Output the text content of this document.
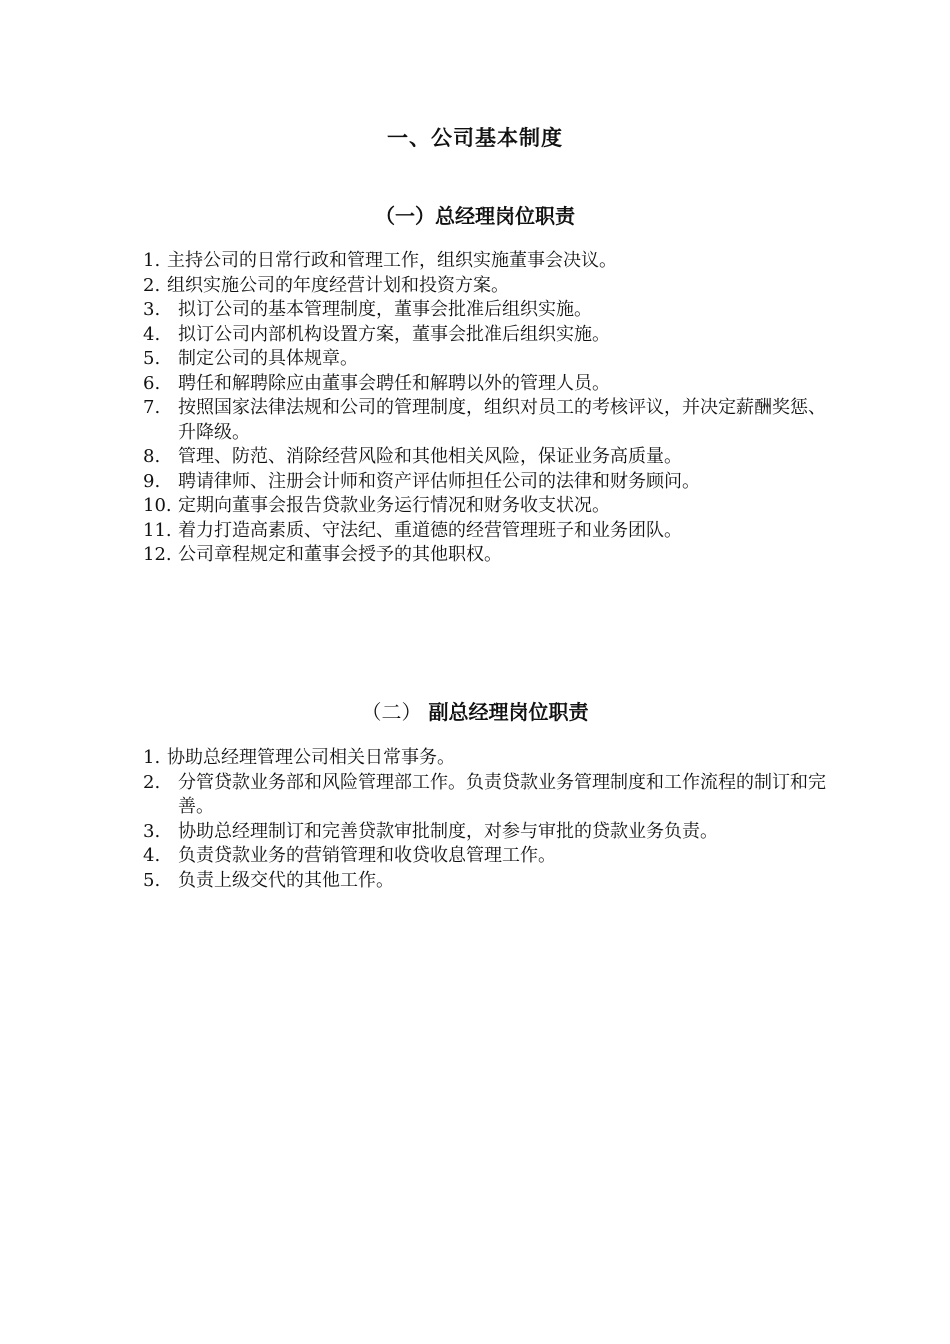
一、公司基本制度
（一）总经理岗位职责
1. 主持公司的日常行政和管理工作，组织实施董事会决议。
2. 组织实施公司的年度经营计划和投资方案。
3. 拟订公司的基本管理制度，董事会批准后组织实施。
4. 拟订公司内部机构设置方案，董事会批准后组织实施。
5. 制定公司的具体规章。
6. 聘任和解聘除应由董事会聘任和解聘以外的管理人员。
7. 按照国家法律法规和公司的管理制度，组织对员工的考核评议，并决定薪酬奖惩、升降级。
8. 管理、防范、消除经营风险和其他相关风险，保证业务高质量。
9. 聘请律师、注册会计师和资产评估师担任公司的法律和财务顾问。
10. 定期向董事会报告贷款业务运行情况和财务收支状况。
11. 着力打造高素质、守法纪、重道德的经营管理班子和业务团队。
12. 公司章程规定和董事会授予的其他职权。
（二） 副总经理岗位职责
1. 协助总经理管理公司相关日常事务。
2. 分管贷款业务部和风险管理部工作。负责贷款业务管理制度和工作流程的制订和完善。
3. 协助总经理制订和完善贷款审批制度，对参与审批的贷款业务负责。
4. 负责贷款业务的营销管理和收贷收息管理工作。
5. 负责上级交代的其他工作。
